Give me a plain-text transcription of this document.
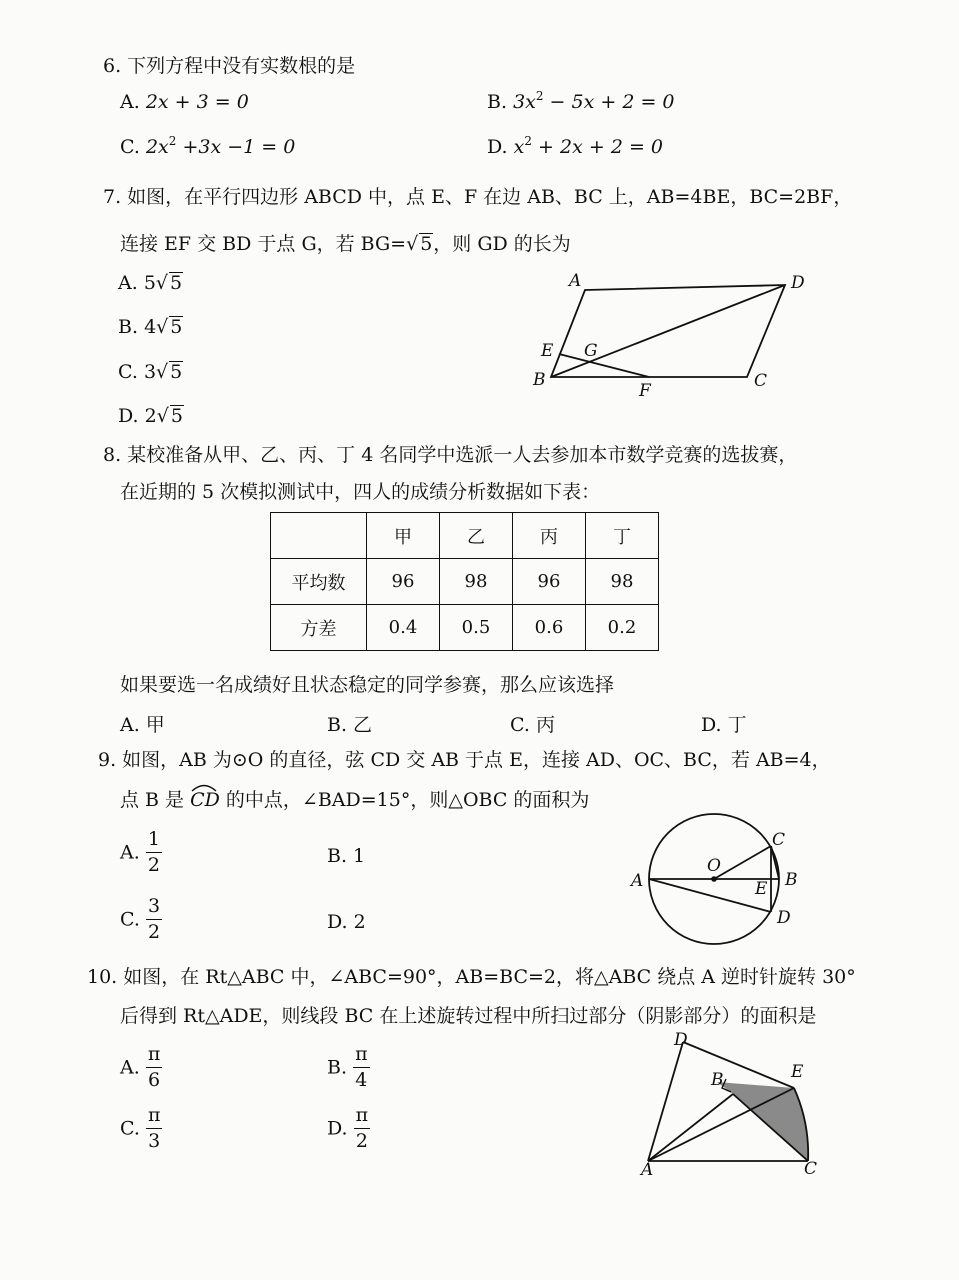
6. 下列方程中没有实数根的是
A. 2x + 3 = 0	B. $3x^2 - 5x + 2 = 0$
C. $2x^2 +3x -1 = 0$	D. $x^2 + 2x + 2 = 0$
7. 如图，在平行四边形 ABCD 中，点 E、F 在边 AB、BC 上，AB=4BE，BC=2BF，
连接 EF 交 BD 于点 G，若 BG=√ 5，则 GD 的长为
A. 5√ 5
B. 4√ 5
C. 3√ 5
D. 2√ 5
A	D
E G
B
F	C
8. 某校准备从甲、乙、丙、丁 4 名同学中选派一人去参加本市数学竞赛的选拔赛，
在近期的 5 次模拟测试中，四人的成绩分析数据如下表：
	甲	乙	丙	丁
平均数	96	98	96	98
方差	0.4	0.5	0.6	0.2
如果要选一名成绩好且状态稳定的同学参赛，那么应该选择
A. 甲	B. 乙	C. 丙	D. 丁
9. 如图，AB 为⊙O 的直径，弦 CD 交 AB 于点 E，连接 AD、OC、BC，若 AB=4，
点 B 是
CD 的中点，∠BAD=15°，则△OBC 的面积为
A. $\frac{1}{2}$	B. 1
C. $\frac{3}{2}$	D. 2
O
A
C
B
E
D
10. 如图，在 Rt△ABC 中，∠ABC=90°，AB=BC=2，将△ABC 绕点 A 逆时针旋转 30°
后得到 Rt△ADE，则线段 BC 在上述旋转过程中所扫过部分（阴影部分）的面积是
A. $\frac{\pi}{6}$	B. $\frac{\pi}{4}$
C. $\frac{\pi}{3}$	D. $\frac{\pi}{2}$
D
B	E
A	C
